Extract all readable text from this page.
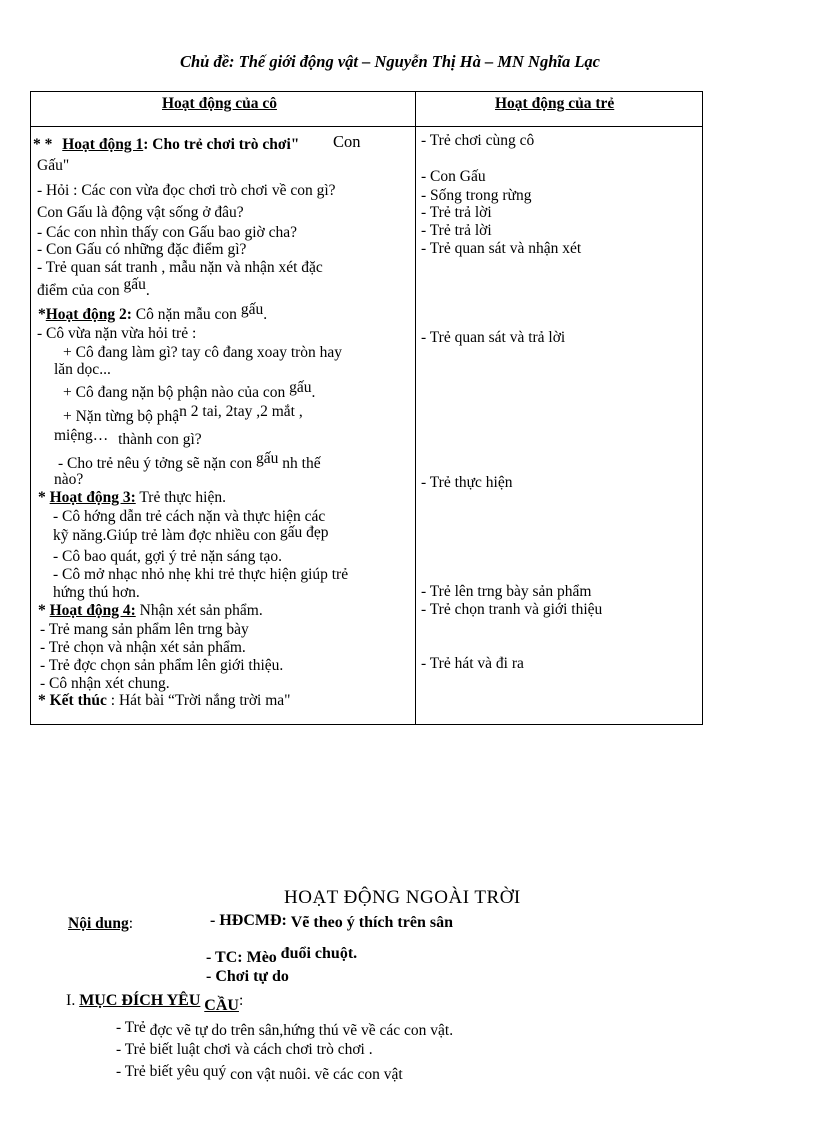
Chủ đề: Thế giới động vật – Nguyễn Thị Hà – MN Nghĩa Lạc
Hoạt động của cô	Hoạt động của trẻ
* * Hoạt động 1: Cho trẻ chơi trò chơi" Con
Gấu"
- Hỏi : Các con vừa đọc chơi trò chơi về con gì?
Con Gấu là động vật sống ở đâu?
- Các con nhìn thấy con Gấu bao giờ cha?
- Con Gấu có những đặc điểm gì?
- Trẻ quan sát tranh , mẫu nặn và nhận xét đặc
điểm của con gấu.
*Hoạt động 2: Cô nặn mẫu con gấu.
- Cô vừa nặn vừa hỏi trẻ :
+ Cô đang làm gì? tay cô đang xoay tròn hay
lăn dọc...
+ Cô đang nặn bộ phận nào của con gấu.
+ Nặn từng bộ phận 2 tai, 2tay ,2 mắt ,
miệng… thành con gì?
- Cho trẻ nêu ý tởng sẽ nặn con gấu nh thế
nào?
* Hoạt động 3: Trẻ thực hiện.
- Cô hớng dẫn trẻ cách nặn và thực hiện các
kỹ năng.Giúp trẻ làm đợc nhiều con gấu đẹp
- Cô bao quát, gợi ý trẻ nặn sáng tạo.
- Cô mở nhạc nhỏ nhẹ khi trẻ thực hiện giúp trẻ
hứng thú hơn.
* Hoạt động 4: Nhận xét sản phẩm.
- Trẻ mang sản phẩm lên trng bày
- Trẻ chọn và nhận xét sản phẩm.
- Trẻ đợc chọn sản phẩm lên giới thiệu.
- Cô nhận xét chung.
* Kết thúc : Hát bài “Trời nắng trời ma"
- Trẻ chơi cùng cô
- Con Gấu
- Sống trong rừng
- Trẻ trả lời
- Trẻ trả lời
- Trẻ quan sát và nhận xét
- Trẻ quan sát và trả lời
- Trẻ thực hiện
- Trẻ lên trng bày sản phẩm
- Trẻ chọn tranh và giới thiệu
- Trẻ hát và đi ra
HOẠT ĐỘNG NGOÀI TRỜI
Nội dung:	- HĐCMĐ: Vẽ theo ý thích trên sân
- TC: Mèo đuổi chuột.
- Chơi tự do
I. MỤC ĐÍCH YÊU CẦU:
- Trẻ đợc vẽ tự do trên sân,hứng thú vẽ về các con vật.
- Trẻ biết luật chơi và cách chơi trò chơi .
- Trẻ biết yêu quý con vật nuôi. vẽ các con vật
